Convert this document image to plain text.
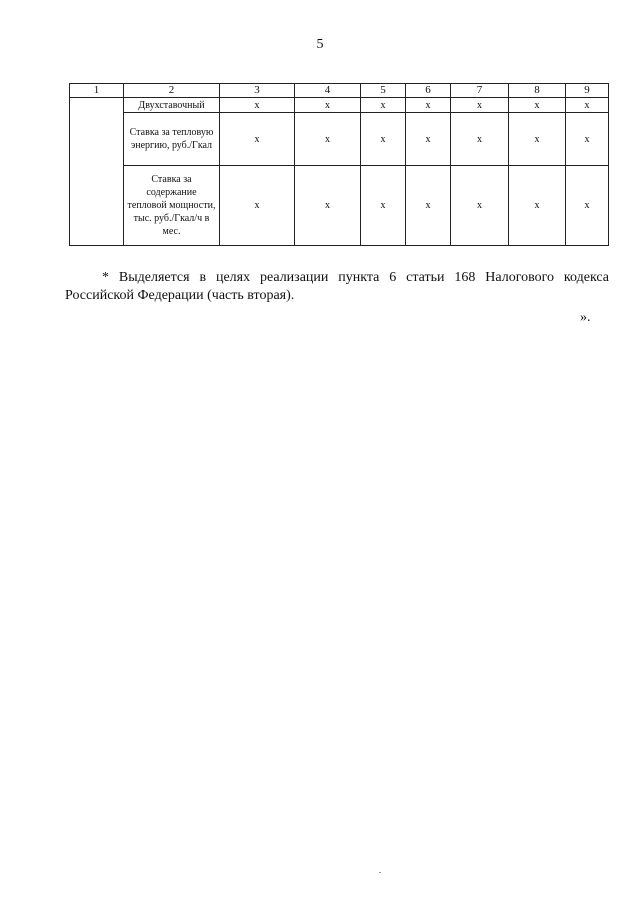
5
1	2	3	4	5	6	7	8	9
	Двухставочный	x	x	x	x	x	x	x
	Ставка за тепловую энергию, руб./Гкал	x	x	x	x	x	x	x
	Ставка за содержание тепловой мощности, тыс. руб./Гкал/ч в мес.	x	x	x	x	x	x	x

* Выделяется в целях реализации пункта 6 статьи 168 Налогового кодекса Российской Федерации (часть вторая).

».
